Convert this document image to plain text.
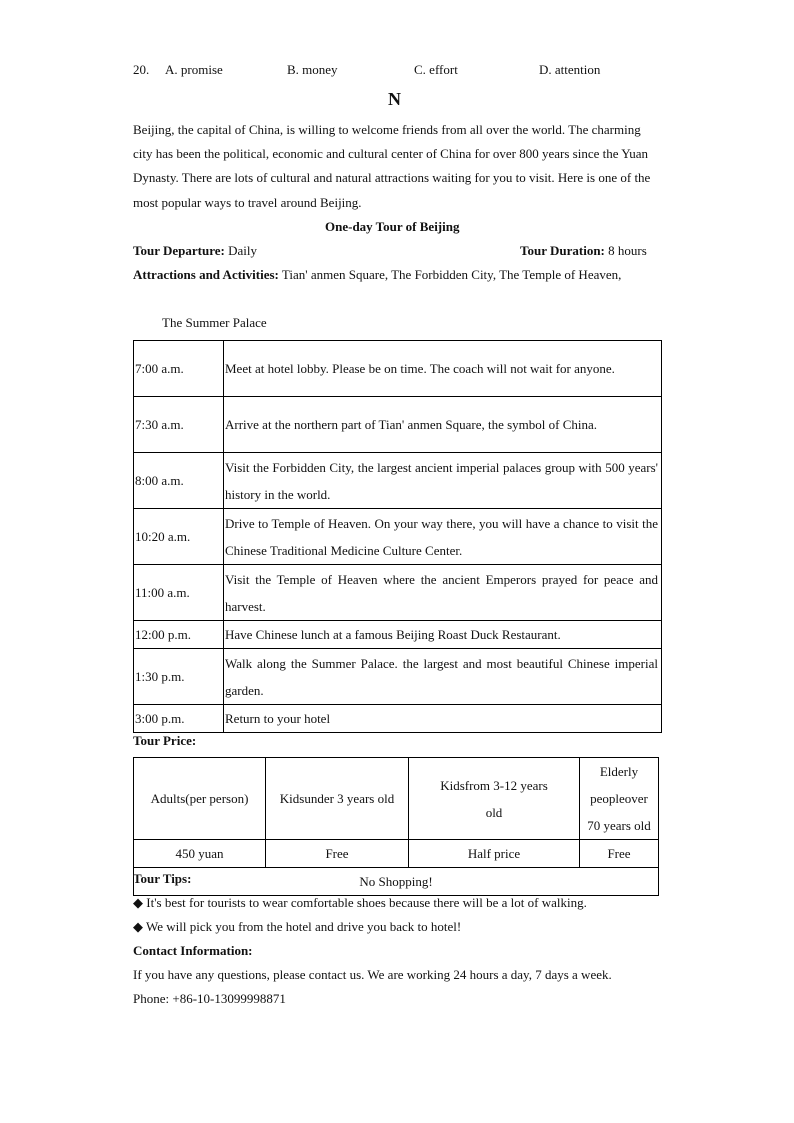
20. A. promise	B. money	C. effort	D. attention
N
Beijing, the capital of China, is willing to welcome friends from all over the world. The charming city has been the political, economic and cultural center of China for over 800 years since the Yuan Dynasty. There are lots of cultural and natural attractions waiting for you to visit. Here is one of the most popular ways to travel around Beijing.
One-day Tour of Beijing
Tour Departure: Daily	Tour Duration: 8 hours
Attractions and Activities: Tian' anmen Square, The Forbidden City, The Temple of Heaven,
The Summer Palace
7:00 a.m.	Meet at hotel lobby. Please be on time. The coach will not wait for anyone.
7:30 a.m.	Arrive at the northern part of Tian' anmen Square, the symbol of China.
8:00 a.m.	Visit the Forbidden City, the largest ancient imperial palaces group with 500 years' history in the world.
10:20 a.m.	Drive to Temple of Heaven. On your way there, you will have a chance to visit the Chinese Traditional Medicine Culture Center.
11:00 a.m.	Visit the Temple of Heaven where the ancient Emperors prayed for peace and harvest.
12:00 p.m.	Have Chinese lunch at a famous Beijing Roast Duck Restaurant.
1:30 p.m.	Walk along the Summer Palace. the largest and most beautiful Chinese imperial garden.
3:00 p.m.	Return to your hotel
Tour Price:
Adults(per person)	Kidsunder 3 years old	Kidsfrom 3-12 years old	Elderly peopleover 70 years old
450 yuan	Free	Half price	Free
No Shopping!			
Tour Tips:
◆ It's best for tourists to wear comfortable shoes because there will be a lot of walking.
◆ We will pick you from the hotel and drive you back to hotel!
Contact Information:
If you have any questions, please contact us. We are working 24 hours a day, 7 days a week.
Phone: +86-10-13099998871
